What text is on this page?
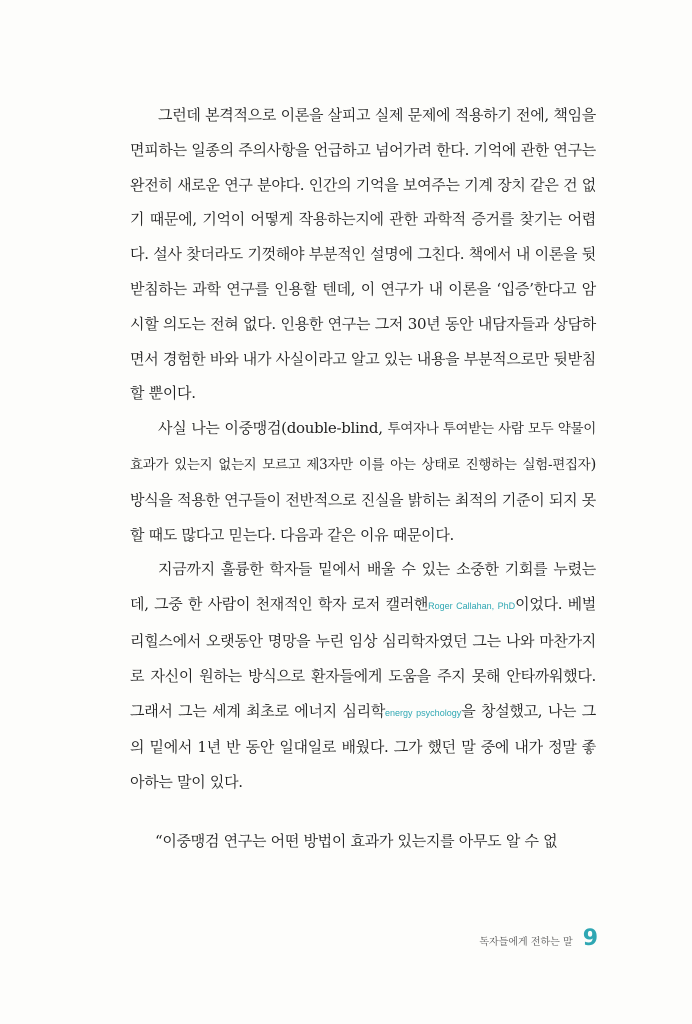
그런데 본격적으로 이론을 살피고 실제 문제에 적용하기 전에, 책임을 면피하는 일종의 주의사항을 언급하고 넘어가려 한다. 기억에 관한 연구는 완전히 새로운 연구 분야다. 인간의 기억을 보여주는 기계 장치 같은 건 없기 때문에, 기억이 어떻게 작용하는지에 관한 과학적 증거를 찾기는 어렵다. 설사 찾더라도 기껏해야 부분적인 설명에 그친다. 책에서 내 이론을 뒷받침하는 과학 연구를 인용할 텐데, 이 연구가 내 이론을 ‘입증’한다고 암시할 의도는 전혀 없다. 인용한 연구는 그저 30년 동안 내담자들과 상담하면서 경험한 바와 내가 사실이라고 알고 있는 내용을 부분적으로만 뒷받침할 뿐이다.

사실 나는 이중맹검(double-blind, 투여자나 투여받는 사람 모두 약물이 효과가 있는지 없는지 모르고 제3자만 이를 아는 상태로 진행하는 실험-편집자) 방식을 적용한 연구들이 전반적으로 진실을 밝히는 최적의 기준이 되지 못할 때도 많다고 믿는다. 다음과 같은 이유 때문이다.

지금까지 훌륭한 학자들 밑에서 배울 수 있는 소중한 기회를 누렸는데, 그중 한 사람이 천재적인 학자 로저 캘러핸Roger Callahan, PhD이었다. 베벌리힐스에서 오랫동안 명망을 누린 임상 심리학자였던 그는 나와 마찬가지로 자신이 원하는 방식으로 환자들에게 도움을 주지 못해 안타까워했다. 그래서 그는 세계 최초로 에너지 심리학energy psychology을 창설했고, 나는 그의 밑에서 1년 반 동안 일대일로 배웠다. 그가 했던 말 중에 내가 정말 좋아하는 말이 있다.

“이중맹검 연구는 어떤 방법이 효과가 있는지를 아무도 알 수 없

독자들에게 전하는 말 9
